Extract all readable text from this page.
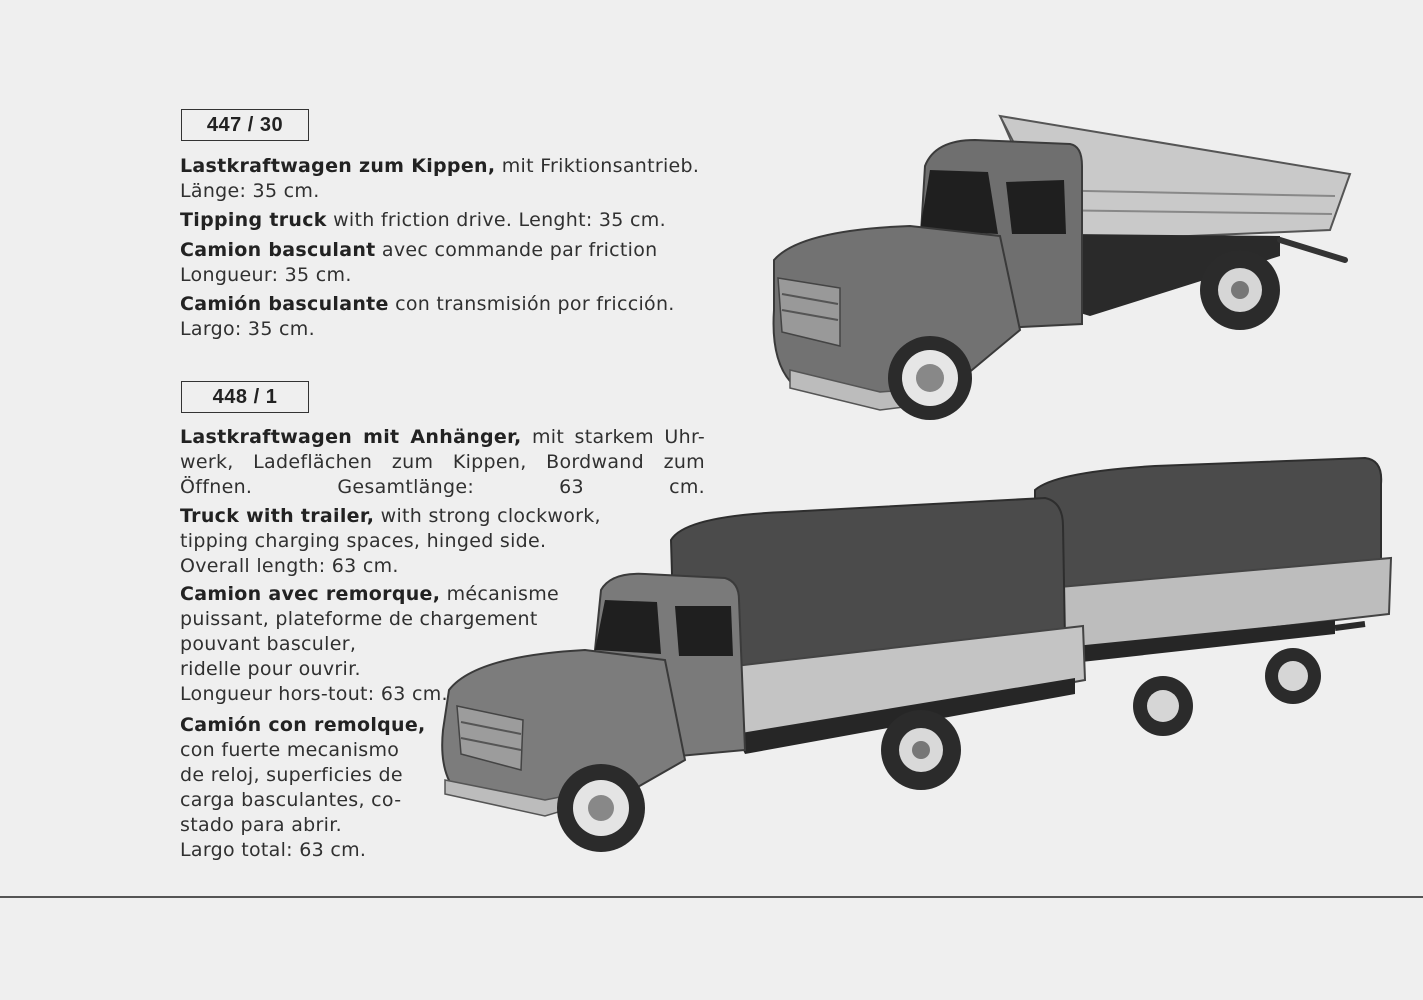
447 / 30

Lastkraftwagen zum Kippen, mit Friktionsantrieb.
Länge: 35 cm.

Tipping truck with friction drive. Lenght: 35 cm.

Camion basculant avec commande par friction
Longueur: 35 cm.

Camión basculante con transmisión por fricción.
Largo: 35 cm.

448 / 1

Lastkraftwagen mit Anhänger, mit starkem Uhr-
werk, Ladeflächen zum Kippen, Bordwand zum
Öffnen. Gesamtlänge: 63 cm.

Truck with trailer, with strong clockwork,
tipping charging spaces, hinged side.
Overall length: 63 cm.

Camion avec remorque, mécanisme
puissant, plateforme de chargement
pouvant basculer,
ridelle pour ouvrir.
Longueur hors-tout: 63 cm.

Camión con remolque,
con fuerte mecanismo
de reloj, superficies de
carga basculantes, co-
stado para abrir.
Largo total: 63 cm.
